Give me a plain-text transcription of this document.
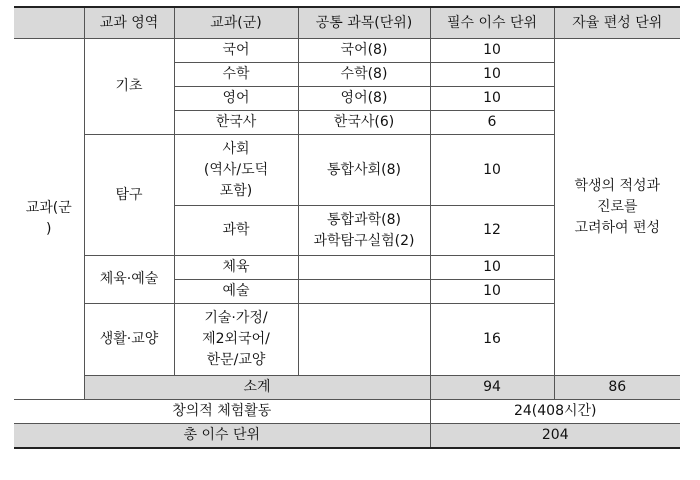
	교과 영역	교과(군)	공통 과목(단위)	필수 이수 단위	자율 편성 단위
교과(군
)	기초	국어	국어(8)	10	학생의 적성과
진로를
고려하여 편성
		수학	수학(8)	10	
		영어	영어(8)	10	
		한국사	한국사(6)	6	
	탐구	사회
(역사/도덕
포함)	통합사회(8)	10	
		과학	통합과학(8)
과학탐구실험(2)	12	
	체육·예술	체육		10	
		예술		10	
	생활·교양	기술·가정/
제2외국어/
한문/교양		16	
	소계			94	86
창의적 체험활동				24(408시간)	
총 이수 단위				204	
